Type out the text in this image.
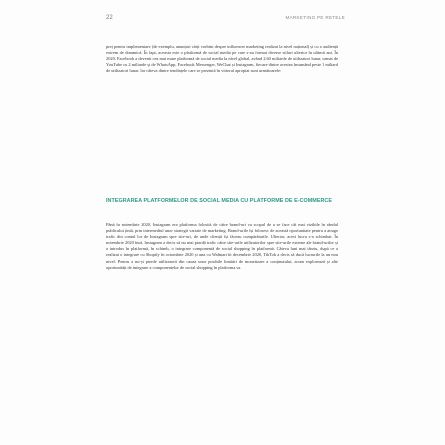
22	MARKETING PE RETELE

preț pentru implementare (de exemplu, anunțuri cărți vorbim despre influencer marketing realizat la nivel național) și cu o audiență extrem de dinamică. În fapt, aceasta este o platformă de social media pe care s-au format diverse stiluri ulterior în ultimii ani. În 2020, Facebook a devenit cea mai mare platformă de social media la nivel global, având 2,60 miliarde de utilizatori lunar, urmat de YouTube cu 2 miliarde și de WhatsApp, Facebook Messenger, WeChat și Instagram, fiecare dintre acestea însumând peste 1 miliard de utilizatori lunar. Iar câteva dintre tendințele care se prezintă în viitorul apropiat sunt următoarele:

INTEGRAREA PLATFORMELOR DE SOCIAL MEDIA CU PLATFORME DE E-COMMERCE

Până în noiembrie 2020, Instagram era platforma folosită de către brand-uri cu scopul de a se face cât mai vizibile în rândul publicului țintă, prin intermediul unor strategii variate de marketing. Brand-urile își folosesc de această oportunitate pentru a atrage trafic din contul lor de Instagram spre site-uri, de unde clienții își făceau cumpărăturile. Ulterior, acest lucru s-a schimbat. În noiembrie 2020 însă, Instagram a decis să nu mai piardă trafic către site-urile utilizatorilor spre site-urile externe ale brand-urilor și a introdus în platformă, în schimb, o integrare componentă de social shopping în platformă. Câteva luni mai târziu, după ce a realizat o integrare cu Shopify în octombrie 2020 și una cu Walmart în decembrie 2020, TikTok a decis să ducă lucrurile la un nou nivel. Pentru a nu-și pierde utilizatorii din cauza unor posibile limitări de monetizare a conținutului, acum explorează și alte oportunități de integrare a componentelor de social shopping în platforma sa.
